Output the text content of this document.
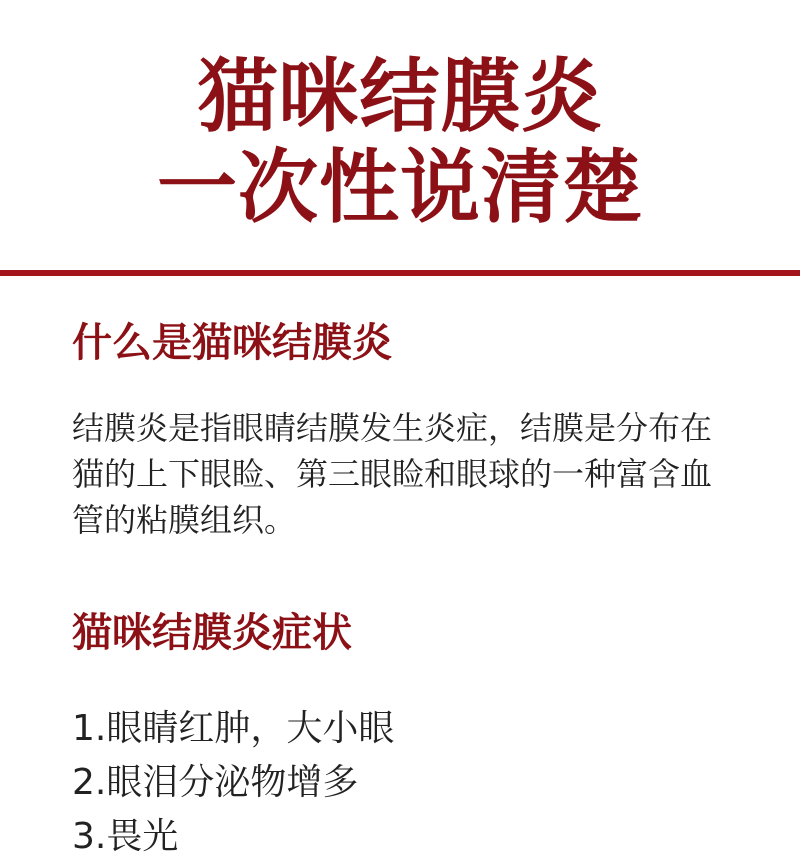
猫咪结膜炎
一次性说清楚
什么是猫咪结膜炎

结膜炎是指眼睛结膜发生炎症，结膜是分布在猫的上下眼睑、第三眼睑和眼球的一种富含血管的粘膜组织。

猫咪结膜炎症状
1.眼睛红肿，大小眼
2.眼泪分泌物增多
3.畏光
